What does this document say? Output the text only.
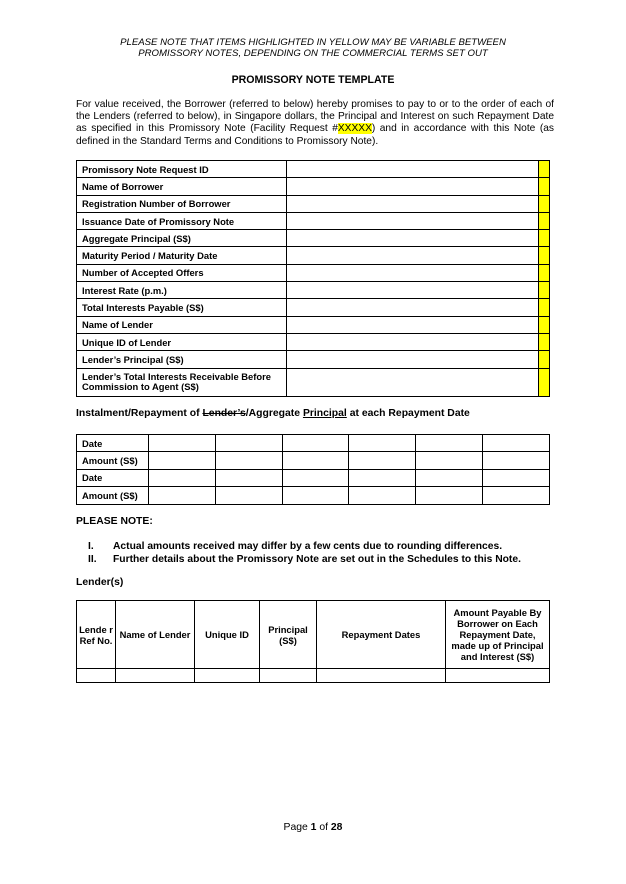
PLEASE NOTE THAT ITEMS HIGHLIGHTED IN YELLOW MAY BE VARIABLE BETWEEN
PROMISSORY NOTES, DEPENDING ON THE COMMERCIAL TERMS SET OUT
PROMISSORY NOTE TEMPLATE
For value received, the Borrower (referred to below) hereby promises to pay to or to the order of each of the Lenders (referred to below), in Singapore dollars, the Principal and Interest on such Repayment Date as specified in this Promissory Note (Facility Request #XXXXX) and in accordance with this Note (as defined in the Standard Terms and Conditions to Promissory Note).
Promissory Note Request ID		
Name of Borrower		
Registration Number of Borrower		
Issuance Date of Promissory Note		
Aggregate Principal (S$)		
Maturity Period / Maturity Date		
Number of Accepted Offers		
Interest Rate (p.m.)		
Total Interests Payable (S$)		
Name of Lender		
Unique ID of Lender		
Lender’s Principal (S$)		
Lender’s Total Interests Receivable Before Commission to Agent (S$)		
Instalment/Repayment of Lender’s/Aggregate Principal at each Repayment Date
Date						
Amount (S$)						
Date						
Amount (S$)						
PLEASE NOTE:
I.	Actual amounts received may differ by a few cents due to rounding differences.
II.	Further details about the Promissory Note are set out in the Schedules to this Note.
Lender(s)
Lende r Ref No.	Name of Lender	Unique ID	Principal (S$)	Repayment Dates	Amount Payable By Borrower on Each Repayment Date, made up of Principal and Interest (S$)

Page 1 of 28
